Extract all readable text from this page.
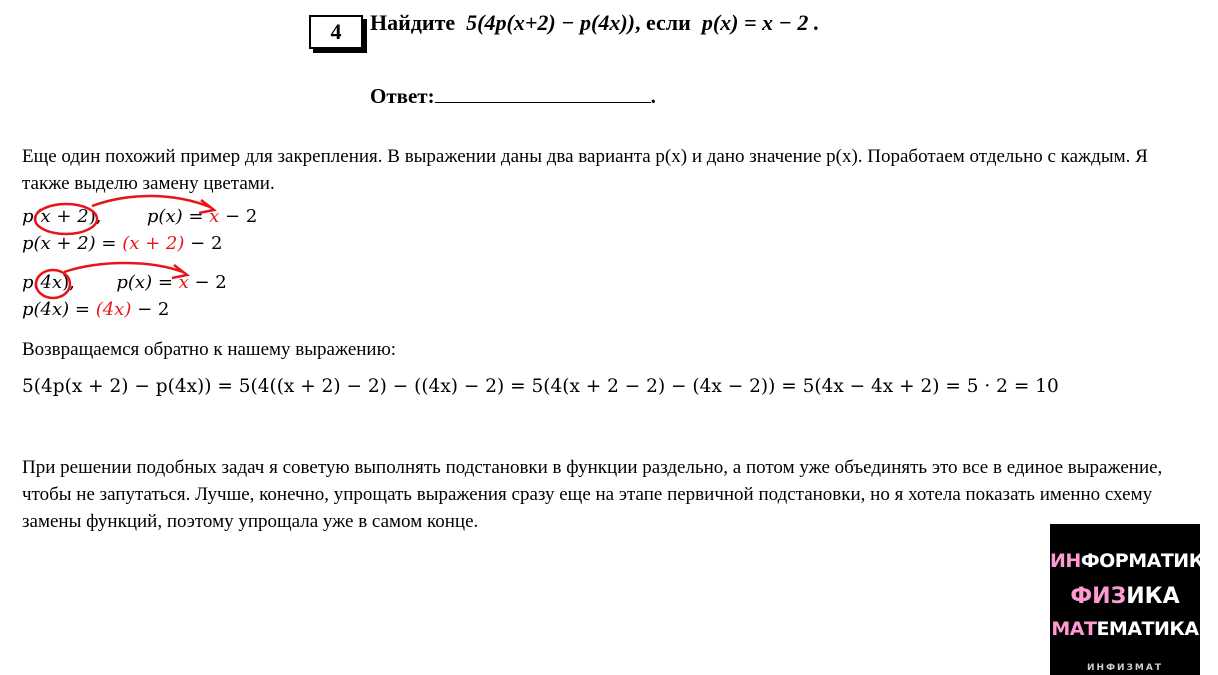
4	Найдите 5(4p(x+2) − p(4x)), если p(x) = x − 2 .
Ответ:	.
Еще один похожий пример для закрепления. В выражении даны два варианта p(x) и дано значение p(x). Поработаем отдельно с каждым. Я также выделю замену цветами.
p(x + 2),	p(x) = x − 2
p(x + 2) = (x + 2) − 2
p(4x), p(x) = x − 2
p(4x) = (4x) − 2
Возвращаемся обратно к нашему выражению:
5(4p(x + 2) − p(4x)) = 5(4((x + 2) − 2) − ((4x) − 2) = 5(4(x + 2 − 2) − (4x − 2)) = 5(4x − 4x + 2) = 5 · 2 = 10
При решении подобных задач я советую выполнять подстановки в функции раздельно, а потом уже объединять это все в единое выражение, чтобы не запутаться. Лучше, конечно, упрощать выражения сразу еще на этапе первичной подстановки, но я хотела показать именно схему замены функций, поэтому упрощала уже в самом конце.
ИНФОРМАТИКА
ФИЗИКА
МАТЕМАТИКА
ИНФИЗМАТ
